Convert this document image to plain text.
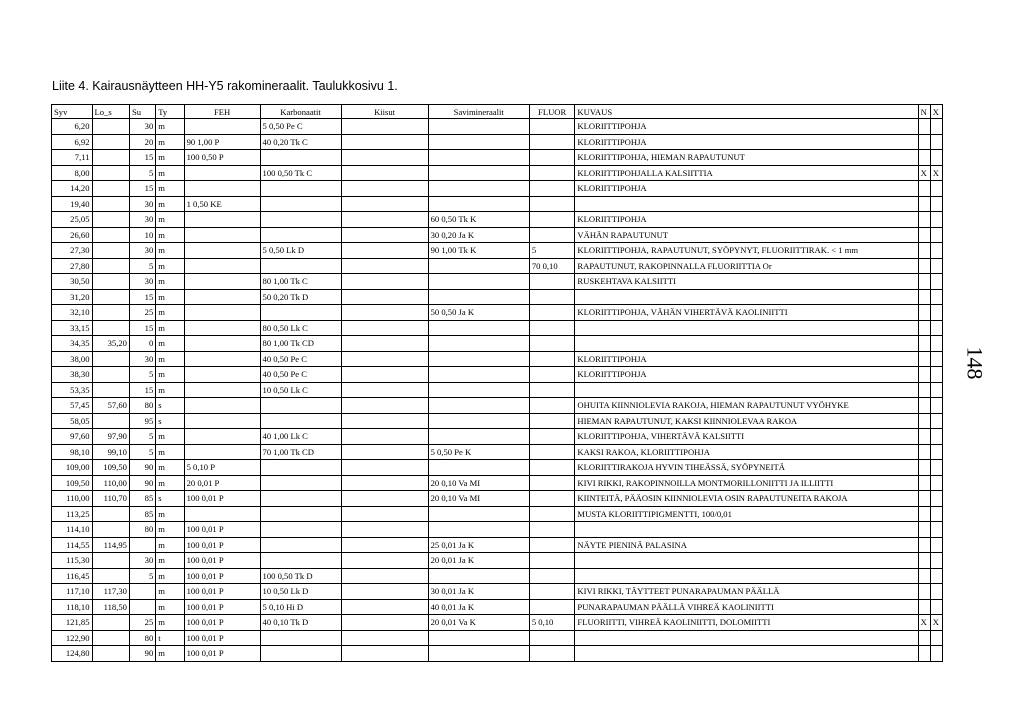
Liite 4. Kairausnäytteen HH-Y5 rakomineraalit. Taulukkosivu 1.
Syv	Lo_s	Su	Ty	FEH	Karbonaatit	Kiisut	Savimineraalit	FLUOR	KUVAUS	N	X
6,20		30	m		5 0,50 Pe C				KLORIITTIPOHJA		
6,92		20	m	90 1,00 P	40 0,20 Tk C				KLORIITTIPOHJA		
7,11		15	m	100 0,50 P					KLORIITTIPOHJA, HIEMAN RAPAUTUNUT		
8,00		5	m		100 0,50 Tk C				KLORIITTIPOHJALLA KALSIITTIA	X	X
14,20		15	m						KLORIITTIPOHJA		
19,40		30	m	1 0,50 KE							
25,05		30	m				60 0,50 Tk K		KLORIITTIPOHJA		
26,60		10	m				30 0,20 Ja K		VÄHÄN RAPAUTUNUT		
27,30		30	m		5 0,50 Lk D		90 1,00 Tk K	5	KLORIITTIPOHJA, RAPAUTUNUT, SYÖPYNYT, FLUORIITTIRAK. < 1 mm		
27,80		5	m					70 0,10	RAPAUTUNUT, RAKOPINNALLA FLUORIITTIA Or		
30,50		30	m		80 1,00 Tk C				RUSKEHTAVA KALSIITTI		
31,20		15	m		50 0,20 Tk D						
32,10		25	m				50 0,50 Ja K		KLORIITTIPOHJA, VÄHÄN VIHERTÄVÄ KAOLINIITTI		
33,15		15	m		80 0,50 Lk C						
34,35	35,20	0	m		80 1,00 Tk CD						
38,00		30	m		40 0,50 Pe C				KLORIITTIPOHJA		
38,30		5	m		40 0,50 Pe C				KLORIITTIPOHJA		
53,35		15	m		10 0,50 Lk C						
57,45	57,60	80	s						OHUITA KIINNIOLEVIA RAKOJA, HIEMAN RAPAUTUNUT VYÖHYKE		
58,05		95	s						HIEMAN RAPAUTUNUT, KAKSI KIINNIOLEVAA RAKOA		
97,60	97,90	5	m		40 1,00 Lk C				KLORIITTIPOHJA, VIHERTÄVÄ KALSIITTI		
98,10	99,10	5	m		70 1,00 Tk CD		5 0,50 Pe K		KAKSI RAKOA, KLORIITTIPOHJA		
109,00	109,50	90	m	5 0,10 P					KLORIITTIRAKOJA HYVIN TIHEÄSSÄ, SYÖPYNEITÄ		
109,50	110,00	90	m	20 0,01 P			20 0,10 Va MI		KIVI RIKKI, RAKOPINNOILLA MONTMORILLONIITTI JA ILLIITTI		
110,00	110,70	85	s	100 0,01 P			20 0,10 Va MI		KIINTEITÄ, PÄÄOSIN KIINNIOLEVIA OSIN RAPAUTUNEITA RAKOJA		
113,25		85	m						MUSTA KLORIITTIPIGMENTTI, 100/0,01		
114,10		80	m	100 0,01 P							
114,55	114,95		m	100 0,01 P			25 0,01 Ja K		NÄYTE PIENINÄ PALASINA		
115,30		30	m	100 0,01 P			20 0,01 Ja K				
116,45		5	m	100 0,01 P	100 0,50 Tk D						
117,10	117,30		m	100 0,01 P	10 0,50 Lk D		30 0,01 Ja K		KIVI RIKKI, TÄYTTEET PUNARAPAUMAN PÄÄLLÄ		
118,10	118,50		m	100 0,01 P	5 0,10 Hi D		40 0,01 Ja K		PUNARAPAUMAN PÄÄLLÄ VIHREÄ KAOLINIITTI		
121,85		25	m	100 0,01 P	40 0,10 Tk D		20 0,01 Va K	5 0,10	FLUORIITTI, VIHREÄ KAOLINIITTI, DOLOMIITTI	X	X
122,90		80	t	100 0,01 P							
124,80		90	m	100 0,01 P							
148
